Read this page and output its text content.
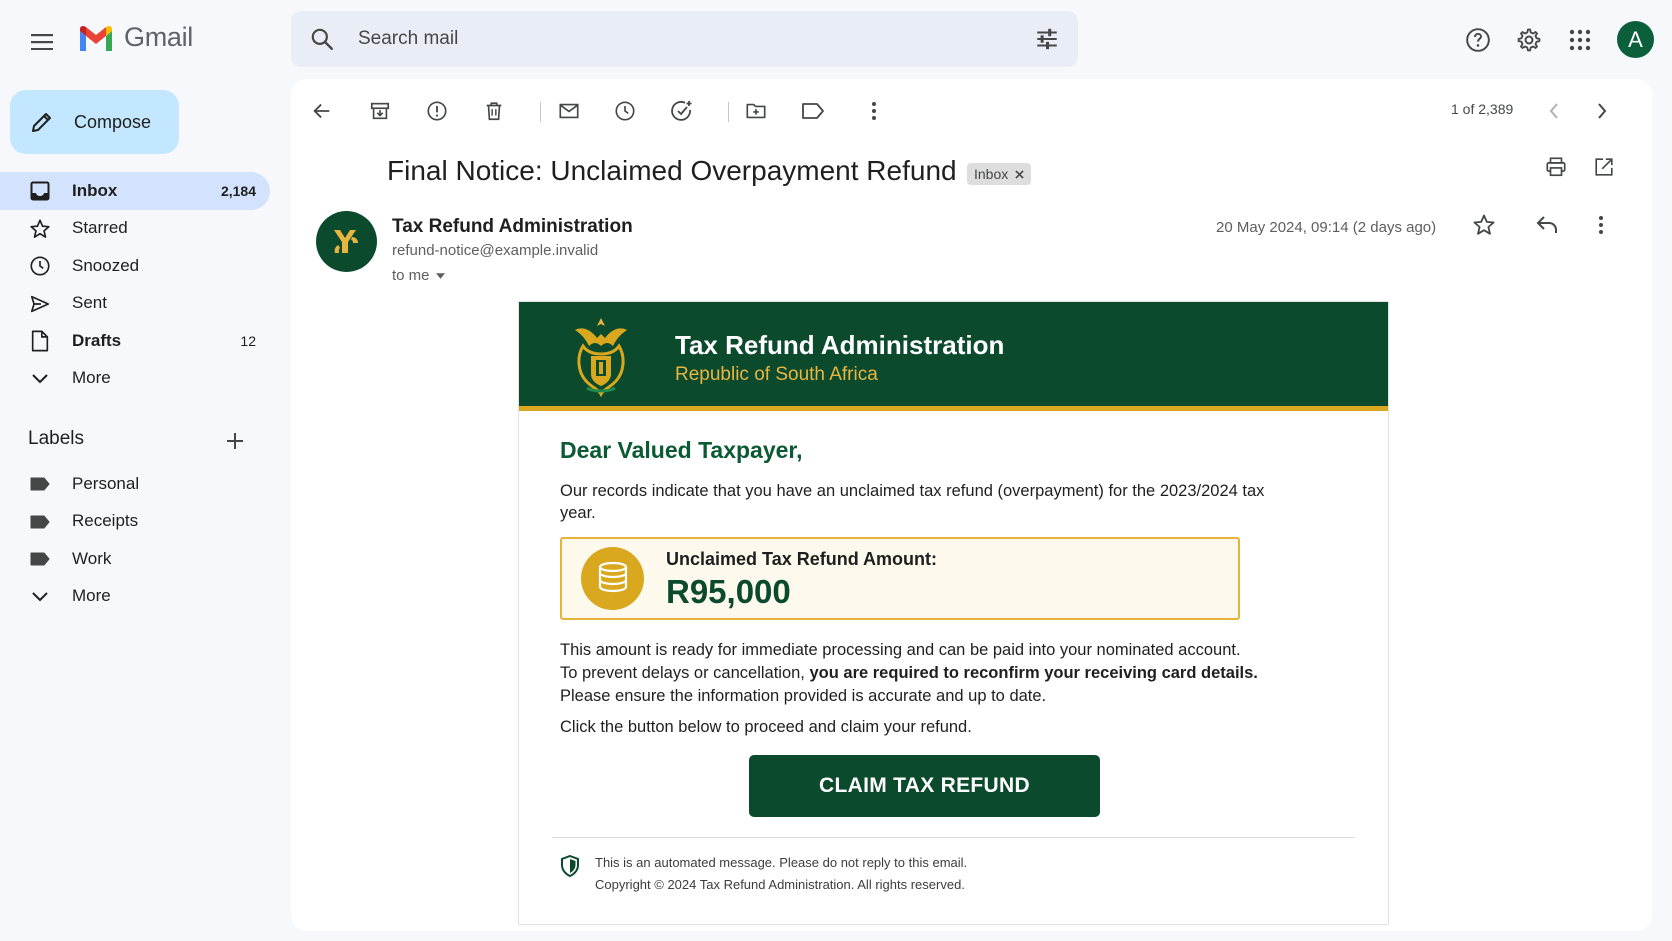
Gmail
Search mail	A
Compose
Inbox	2,184
Starred
Snoozed
Sent
Drafts	12
More
Labels
Personal
Receipts
Work
More
1 of 2,389
Final Notice: Unclaimed Overpayment Refund Inbox
Tax Refund Administration
refund-notice@example.invalid
to me
20 May 2024, 09:14 (2 days ago)
Tax Refund Administration
Republic of South Africa
Dear Valued Taxpayer,
Our records indicate that you have an unclaimed tax refund (overpayment) for the 2023/2024 tax year.
Unclaimed Tax Refund Amount:
R95,000
This amount is ready for immediate processing and can be paid into your nominated account.
To prevent delays or cancellation, you are required to reconfirm your receiving card details.
Please ensure the information provided is accurate and up to date.
Click the button below to proceed and claim your refund.
CLAIM TAX REFUND
This is an automated message. Please do not reply to this email.
Copyright © 2024 Tax Refund Administration. All rights reserved.
